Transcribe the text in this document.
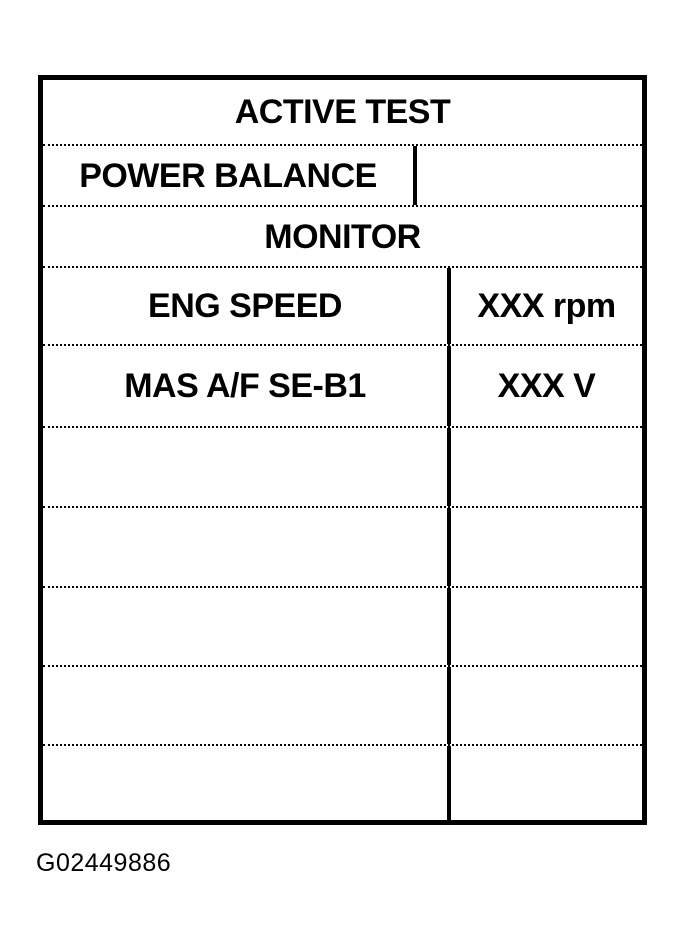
ACTIVE TEST
POWER BALANCE
MONITOR
ENG SPEED	XXX rpm
MAS A/F SE-B1	XXX V
G02449886
